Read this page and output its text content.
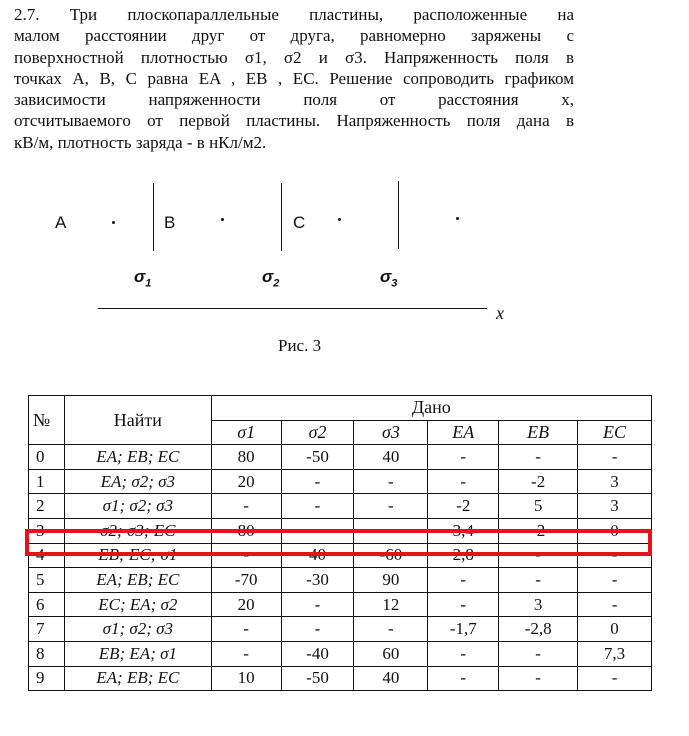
2.7. Три плоскопараллельные пластины, расположенные на
малом расстоянии друг от друга, равномерно заряжены с
поверхностной плотностью σ1, σ2 и σ3. Напряженность поля в
точках А, В, С равна EA , EB , EC. Решение сопроводить графиком
зависимости напряженности поля от расстояния x,
отсчитываемого от первой пластины. Напряженность поля дана в
кВ/м, плотность заряда - в нКл/м2.
A	B	C
$\sigma_1$	$\sigma_2$	$\sigma_3$
x
Рис. 3
№	Найти	Дано					
		σ1	σ2	σ3	EA	EB	EC
0	EA; EB; EC	80	-50	40	-	-	-
1	EA; σ2; σ3	20	-	-	-	-2	3
2	σ1; σ2; σ3	-	-	-	-2	5	3
3	σ2; σ3; EC	80	-	-	3,4	-2	0
4	EB; EC; σ1	-	40	-60	2,8	-	-
5	EA; EB; EC	-70	-30	90	-	-	-
6	EC; EA; σ2	20	-	12	-	3	-
7	σ1; σ2; σ3	-	-	-	-1,7	-2,8	0
8	EB; EA; σ1	-	-40	60	-	-	7,3
9	EA; EB; EC	10	-50	40	-	-	-
